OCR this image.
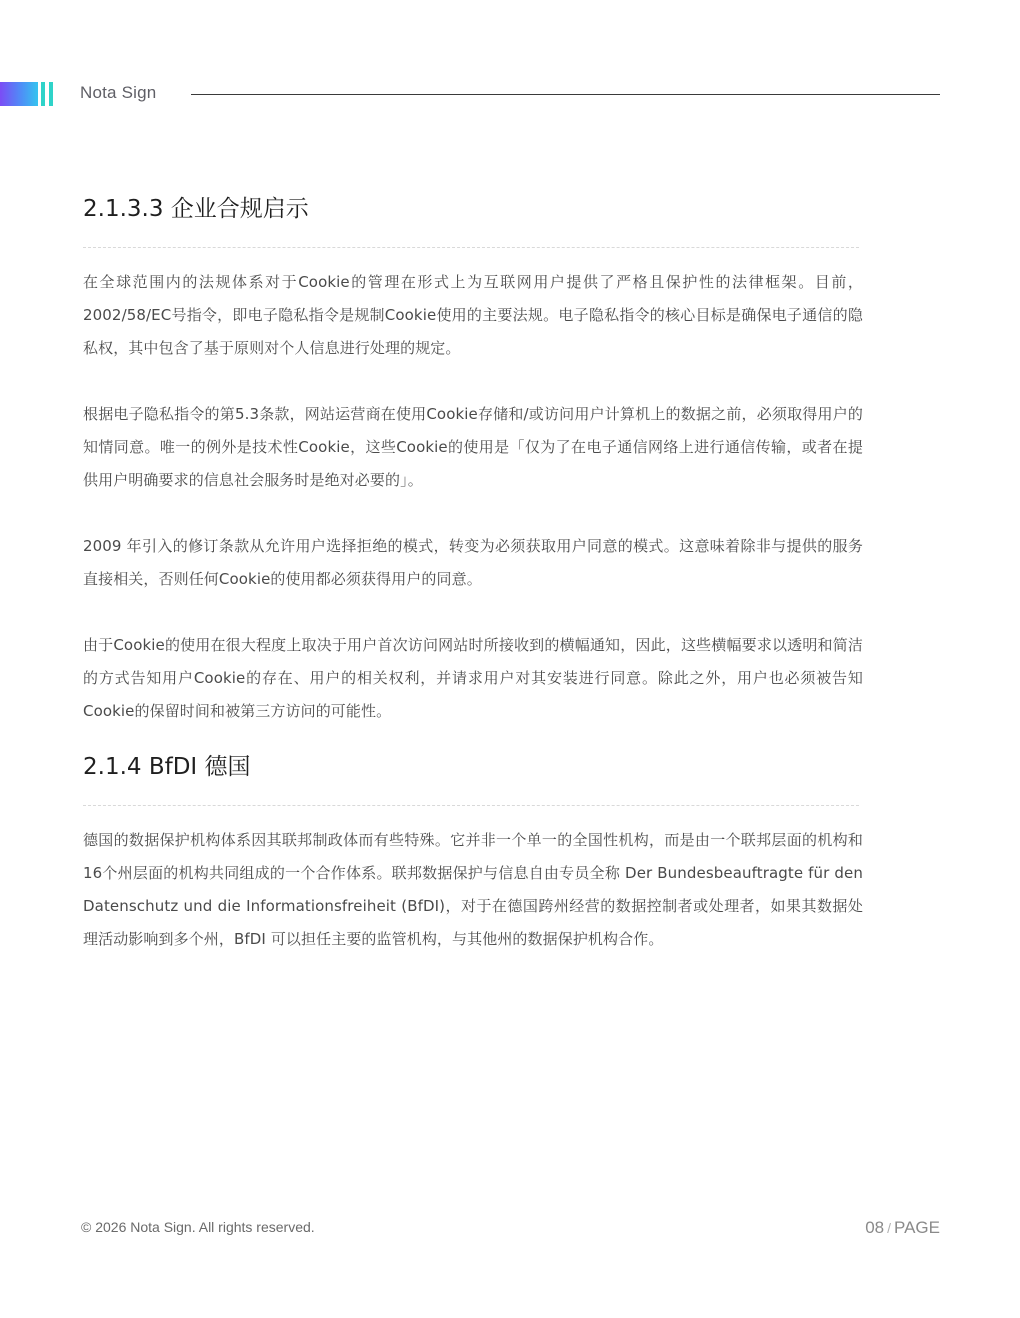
Nota Sign
2.1.3.3 企业合规启示

在全球范围内的法规体系对于Cookie的管理在形式上为互联网用户提供了严格且保护性的法律框架。目前，2002/58/EC号指令，即电子隐私指令是规制Cookie使用的主要法规。电子隐私指令的核心目标是确保电子通信的隐私权，其中包含了基于原则对个人信息进行处理的规定。

根据电子隐私指令的第5.3条款，网站运营商在使用Cookie存储和/或访问用户计算机上的数据之前，必须取得用户的知情同意。唯一的例外是技术性Cookie，这些Cookie的使用是「仅为了在电子通信网络上进行通信传输，或者在提供用户明确要求的信息社会服务时是绝对必要的」。

2009 年引入的修订条款从允许用户选择拒绝的模式，转变为必须获取用户同意的模式。这意味着除非与提供的服务直接相关，否则任何Cookie的使用都必须获得用户的同意。

由于Cookie的使用在很大程度上取决于用户首次访问网站时所接收到的横幅通知，因此，这些横幅要求以透明和简洁的方式告知用户Cookie的存在、用户的相关权利，并请求用户对其安装进行同意。除此之外，用户也必须被告知Cookie的保留时间和被第三方访问的可能性。

2.1.4 BfDI 德国

德国的数据保护机构体系因其联邦制政体而有些特殊。它并非一个单一的全国性机构，而是由一个联邦层面的机构和16个州层面的机构共同组成的一个合作体系。联邦数据保护与信息自由专员全称 Der Bundesbeauftragte für den Datenschutz und die Informationsfreiheit (BfDI)，对于在德国跨州经营的数据控制者或处理者，如果其数据处理活动影响到多个州，BfDI 可以担任主要的监管机构，与其他州的数据保护机构合作。

© 2026 Nota Sign. All rights reserved.	08 / PAGE
